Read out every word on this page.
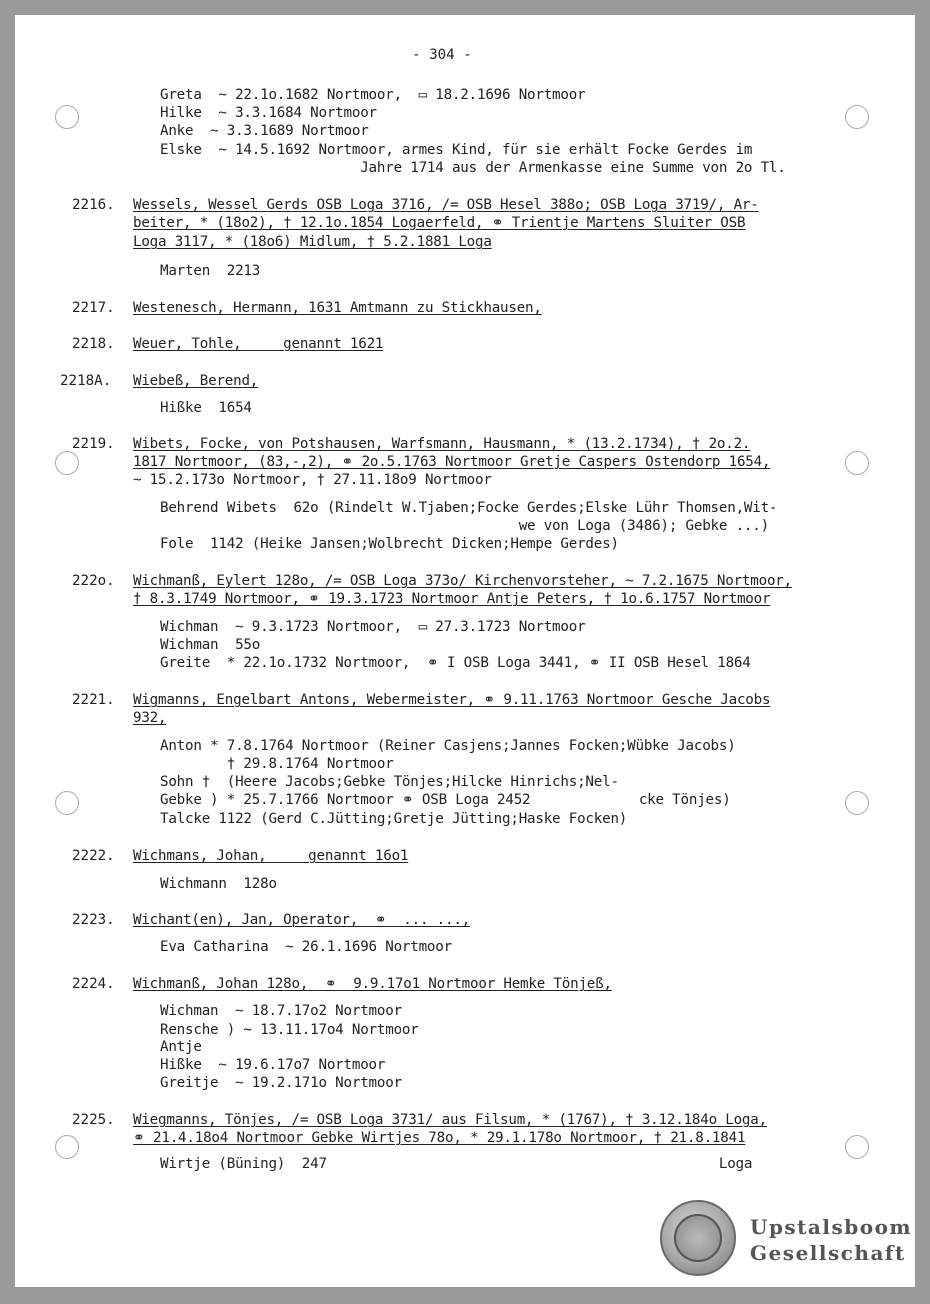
- 304 -
Greta  ~ 22.1o.1682 Nortmoor,  ▭ 18.2.1696 Nortmoor
Hilke  ~ 3.3.1684 Nortmoor
Anke  ~ 3.3.1689 Nortmoor
Elske  ~ 14.5.1692 Nortmoor, armes Kind, für sie erhält Focke Gerdes im
Jahre 1714 aus der Armenkasse eine Summe von 2o Tl.
2216. Wessels, Wessel Gerds OSB Loga 3716, /= OSB Hesel 388o; OSB Loga 3719/, Ar-
beiter, * (18o2), † 12.1o.1854 Logaerfeld, ⚭ Trientje Martens Sluiter OSB
Loga 3117, * (18o6) Midlum, † 5.2.1881 Loga
Marten  2213
2217. Westenesch, Hermann, 1631 Amtmann zu Stickhausen,
2218. Weuer, Tohle,     genannt 1621
2218A. Wiebeß, Berend,
Hißke  1654
2219. Wibets, Focke, von Potshausen, Warfsmann, Hausmann, * (13.2.1734), † 2o.2.
1817 Nortmoor, (83,-,2), ⚭ 2o.5.1763 Nortmoor Gretje Caspers Ostendorp 1654,
~ 15.2.173o Nortmoor, † 27.11.18o9 Nortmoor
Behrend Wibets  62o (Rindelt W.Tjaben;Focke Gerdes;Elske Lühr Thomsen,Wit-
we von Loga (3486); Gebke ...)
Fole  1142 (Heike Jansen;Wolbrecht Dicken;Hempe Gerdes)
222o. Wichmanß, Eylert 128o, /= OSB Loga 373o/ Kirchenvorsteher, ~ 7.2.1675 Nortmoor,
† 8.3.1749 Nortmoor, ⚭ 19.3.1723 Nortmoor Antje Peters, † 1o.6.1757 Nortmoor
Wichman  ~ 9.3.1723 Nortmoor,  ▭ 27.3.1723 Nortmoor
Wichman  55o
Greite  * 22.1o.1732 Nortmoor,  ⚭ I OSB Loga 3441, ⚭ II OSB Hesel 1864
2221. Wigmanns, Engelbart Antons, Webermeister, ⚭ 9.11.1763 Nortmoor Gesche Jacobs
932,
Anton * 7.8.1764 Nortmoor (Reiner Casjens;Jannes Focken;Wübke Jacobs)
† 29.8.1764 Nortmoor
Sohn †  (Heere Jacobs;Gebke Tönjes;Hilcke Hinrichs;Nel-
Gebke ) * 25.7.1766 Nortmoor ⚭ OSB Loga 2452             cke Tönjes)
Talcke 1122 (Gerd C.Jütting;Gretje Jütting;Haske Focken)
2222. Wichmans, Johan,     genannt 16o1
Wichmann  128o
2223. Wichant(en), Jan, Operator,  ⚭  ... ...,
Eva Catharina  ~ 26.1.1696 Nortmoor
2224. Wichmanß, Johan 128o,  ⚭  9.9.17o1 Nortmoor Hemke Tönjeß,
Wichman  ~ 18.7.17o2 Nortmoor
Rensche ) ~ 13.11.17o4 Nortmoor
Antje
Hißke  ~ 19.6.17o7 Nortmoor
Greitje  ~ 19.2.171o Nortmoor
2225. Wiegmanns, Tönjes, /= OSB Loga 3731/ aus Filsum, * (1767), † 3.12.184o Loga,
⚭ 21.4.18o4 Nortmoor Gebke Wirtjes 78o, * 29.1.178o Nortmoor, † 21.8.1841
Wirtje (Büning)  247                                               Loga
Upstalsboom
Gesellschaft
